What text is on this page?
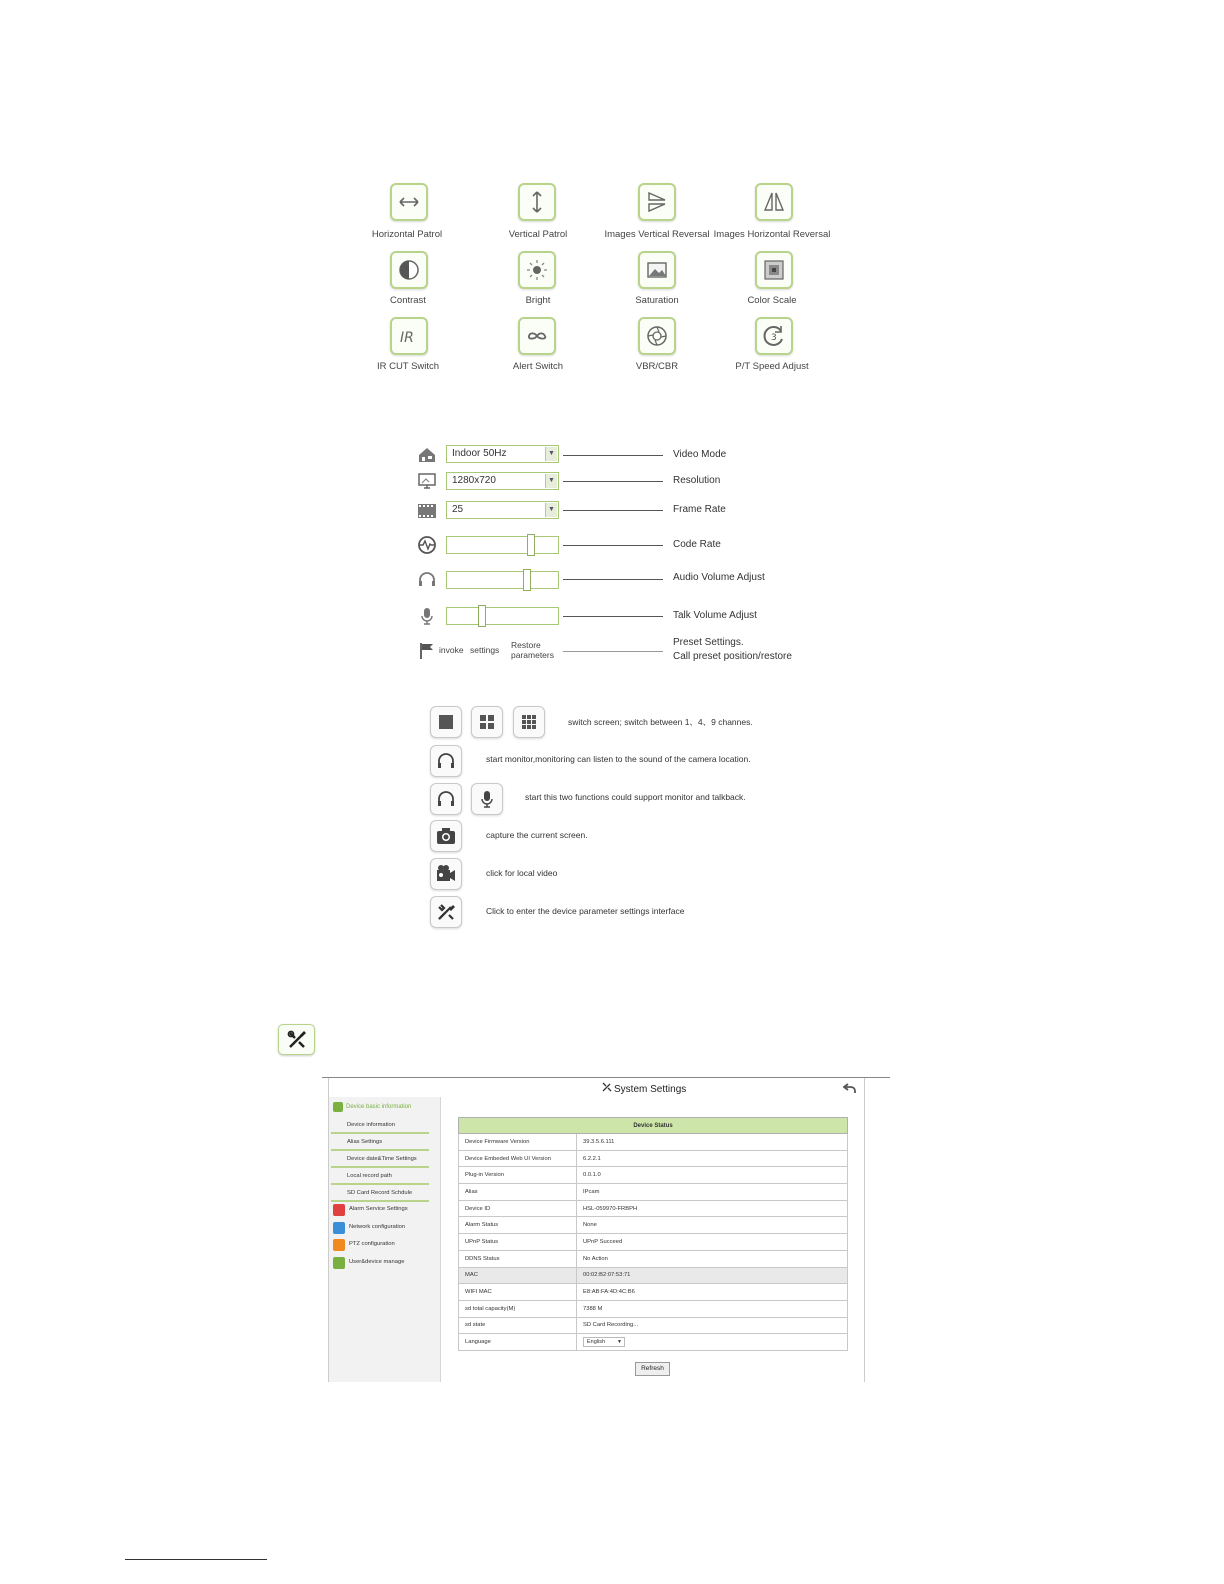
Horizontal Patrol	Vertical Patrol	Images Vertical Reversal Images Horizontal Reversal
Contrast	Bright	Saturation	Color Scale
IR
IR CUT Switch	Alert Switch	VBR/CBR
3
P/T Speed Adjust
Indoor 50Hz	▼	Video Mode
1280x720	▼	Resolution
25	▼	Frame Rate
Code Rate
Audio Volume Adjust
Talk Volume Adjust
invoke settings Restore
parameters
Preset Settings.
Call preset position/restore
switch screen; switch between 1、4、9 channes.
start monitor,monitoring can listen to the sound of the camera location.
start this two functions could support monitor and talkback.
capture the current screen.
click for local video
Click to enter the device parameter settings interface
System Settings
Device basic information
Device information
Alias Settings
Device date&Time Settings
Local record path
SD Card Record Schdule
Alarm Service Settings
Network configuration
PTZ configuration
User&device manage
Device Status	
Device Firmware Version	39.3.5.6.111
Device Embeded Web UI Version	6.2.2.1
Plug-in Version	0.0.1.0
Alias	IPcam
Device ID	HSL-059970-FRBPH
Alarm Status	None
UPnP Status	UPnP Succeed
DDNS Status	No Action
MAC	00:02:B2:07:53:71
WIFI MAC	E8:AB:FA:4D:4C:B6
sd total capacity(M)	7388 M
sd state	SD Card Recording...
Language	English ▼
Refresh
